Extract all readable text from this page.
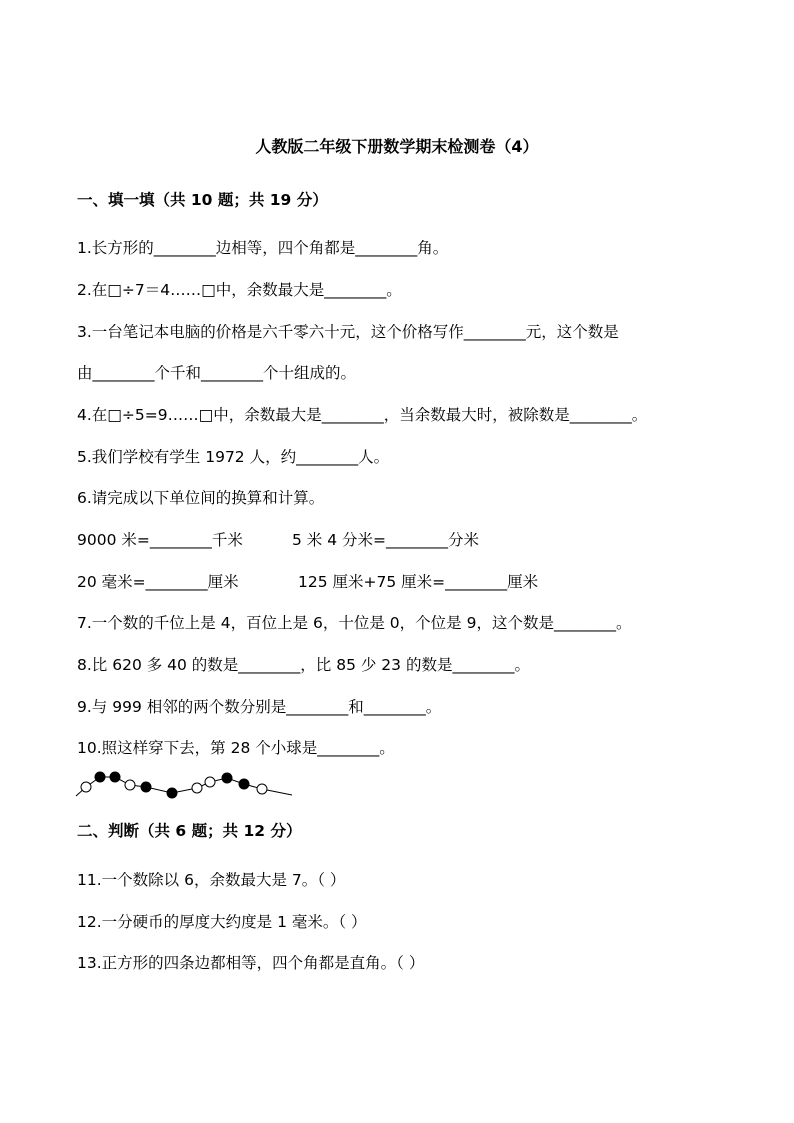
人教版二年级下册数学期末检测卷（4）
一、填一填（共 10 题；共 19 分）
1.长方形的________边相等，四个角都是________角。
2.在□÷7＝4……□中，余数最大是________。
3.一台笔记本电脑的价格是六千零六十元，这个价格写作________元，这个数是
由________个千和________个十组成的。
4.在□÷5=9……□中，余数最大是________，当余数最大时，被除数是________。
5.我们学校有学生 1972 人，约________人。
6.请完成以下单位间的换算和计算。
9000 米=________千米	5 米 4 分米=________分米
20 毫米=________厘米	125 厘米+75 厘米=________厘米
7.一个数的千位上是 4，百位上是 6，十位是 0，个位是 9，这个数是________。
8.比 620 多 40 的数是________，比 85 少 23 的数是________。
9.与 999 相邻的两个数分别是________和________。
10.照这样穿下去，第 28 个小球是________。
二、判断（共 6 题；共 12 分）
11.一个数除以 6，余数最大是 7。（ ）
12.一分硬币的厚度大约度是 1 毫米。（ ）
13.正方形的四条边都相等，四个角都是直角。（ ）
